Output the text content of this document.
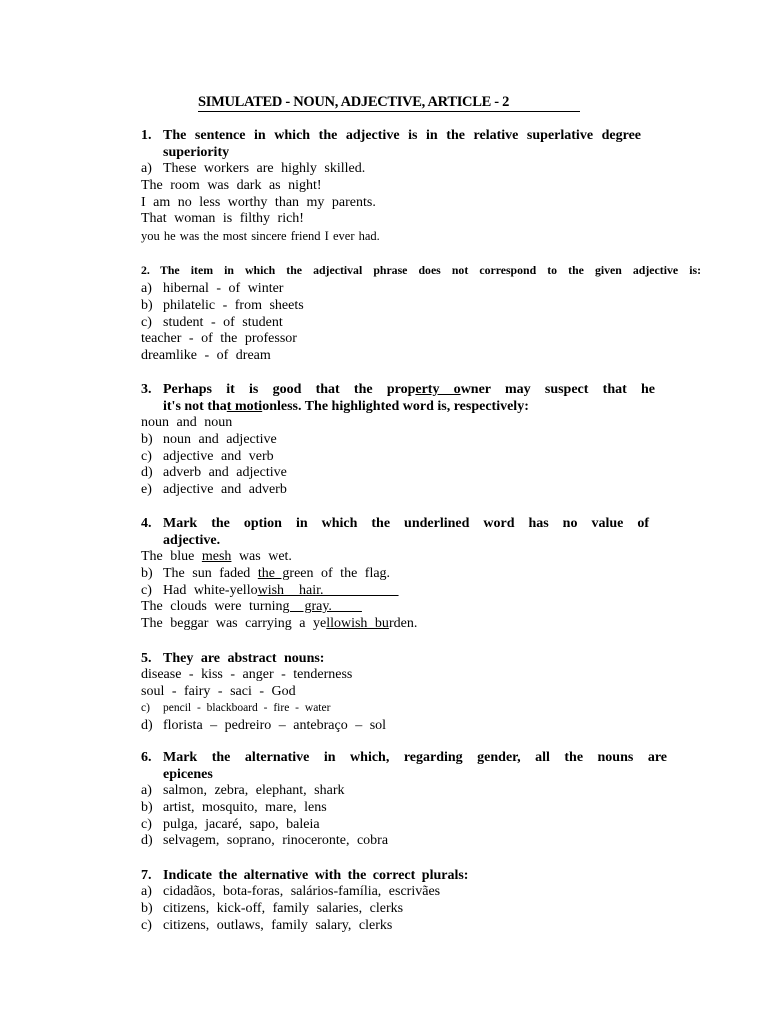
SIMULATED - NOUN, ADJECTIVE, ARTICLE - 2
1. The sentence in which the adjective is in the relative superlative degree
superiority
a) These workers are highly skilled.
The room was dark as night!
I am no less worthy than my parents.
That woman is filthy rich!
you he was the most sincere friend I ever had.
2. The item in which the adjectival phrase does not correspond to the given adjective is:
a) hibernal - of winter
b) philatelic - from sheets
c) student - of student
teacher - of the professor
dreamlike - of dream
3. Perhaps it is good that the property owner may suspect that he
it's not that motionless. The highlighted word is, respectively:
noun and noun
b) noun and adjective
c) adjective and verb
d) adverb and adjective
e) adjective and adverb
4. Mark the option in which the underlined word has no value of
adjective.
The blue mesh was wet.
b) The sun faded the green of the flag.
c) Had white-yellowish  hair.
The clouds were turning  gray.
The beggar was carrying a yellowish burden.
5. They are abstract nouns:
disease - kiss - anger - tenderness
soul - fairy - saci - God
c) pencil - blackboard - fire - water
d) florista – pedreiro – antebraço – sol
6. Mark the alternative in which, regarding gender, all the nouns are
epicenes
a) salmon, zebra, elephant, shark
b) artist, mosquito, mare, lens
c) pulga, jacaré, sapo, baleia
d) selvagem, soprano, rinoceronte, cobra
7. Indicate the alternative with the correct plurals:
a) cidadãos, bota-foras, salários-família, escrivães
b) citizens, kick-off, family salaries, clerks
c) citizens, outlaws, family salary, clerks
